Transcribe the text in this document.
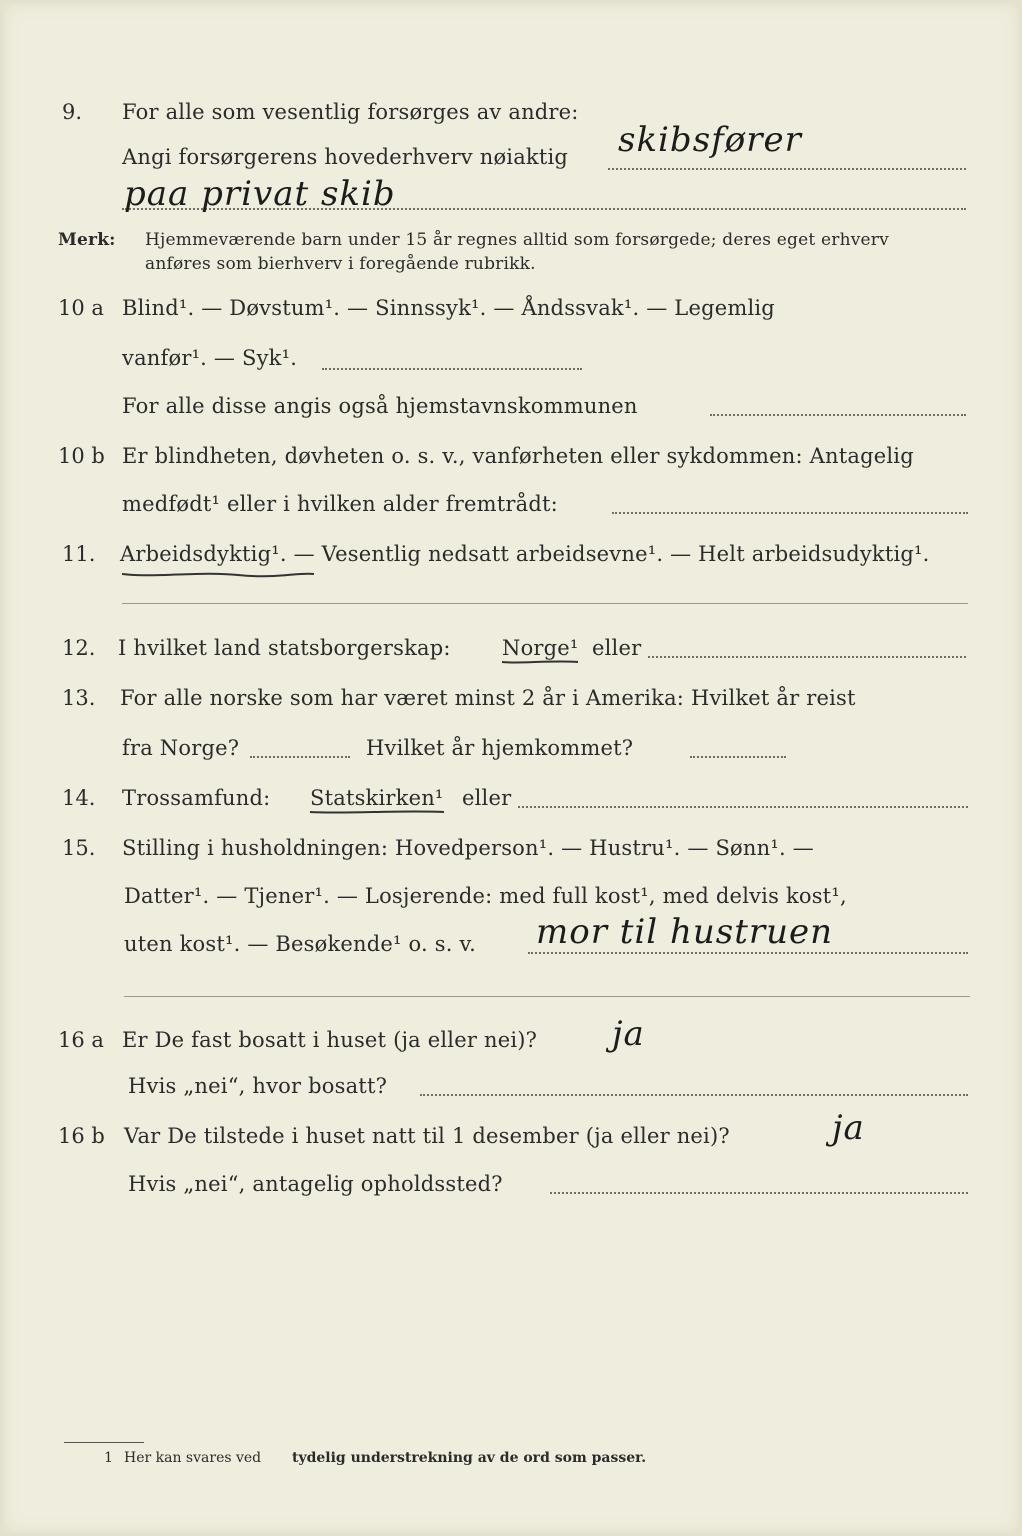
9. For alle som vesentlig forsørges av andre:
Angi forsørgerens hovederhverv nøiaktig skibsfører
paa privat skib
Merk: Hjemmeværende barn under 15 år regnes alltid som forsørgede; deres eget erhverv
anføres som bierhverv i foregående rubrikk.
10 a Blind¹. — Døvstum¹. — Sinnssyk¹. — Åndssvak¹. — Legemlig
vanfør¹. — Syk¹.
For alle disse angis også hjemstavnskommunen
10 b Er blindheten, døvheten o. s. v., vanførheten eller sykdommen: Antagelig
medfødt¹ eller i hvilken alder fremtrådt:
11. Arbeidsdyktig¹. — Vesentlig nedsatt arbeidsevne¹. — Helt arbeidsudyktig¹.
12. I hvilket land statsborgerskap: Norge¹ eller
13. For alle norske som har været minst 2 år i Amerika: Hvilket år reist
fra Norge?	Hvilket år hjemkommet?
14. Trossamfund: Statskirken¹ eller
15. Stilling i husholdningen: Hovedperson¹. — Hustru¹. — Sønn¹. —
Datter¹. — Tjener¹. — Losjerende: med full kost¹, med delvis kost¹,
uten kost¹. — Besøkende¹ o. s. v. mor til hustruen
16 a Er De fast bosatt i huset (ja eller nei)? ja
Hvis „nei“, hvor bosatt?
16 b Var De tilstede i huset natt til 1 desember (ja eller nei)?	ja
Hvis „nei“, antagelig opholdssted?
1 Her kan svares ved tydelig understrekning av de ord som passer.
